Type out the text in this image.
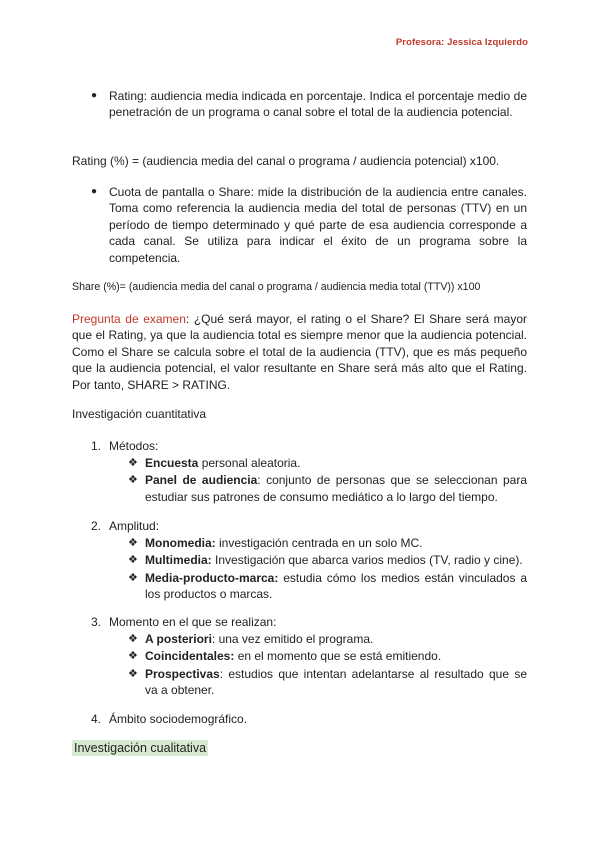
Profesora: Jessica Izquierdo
● Rating: audiencia media indicada en porcentaje. Indica el porcentaje medio de penetración de un programa o canal sobre el total de la audiencia potencial.
Rating (%) = (audiencia media del canal o programa / audiencia potencial) x100.
● Cuota de pantalla o Share: mide la distribución de la audiencia entre canales. Toma como referencia la audiencia media del total de personas (TTV) en un período de tiempo determinado y qué parte de esa audiencia corresponde a cada canal. Se utiliza para indicar el éxito de un programa sobre la competencia.
Share (%)= (audiencia media del canal o programa / audiencia media total (TTV)) x100
Pregunta de examen: ¿Qué será mayor, el rating o el Share? El Share será mayor que el Rating, ya que la audiencia total es siempre menor que la audiencia potencial. Como el Share se calcula sobre el total de la audiencia (TTV), que es más pequeño que la audiencia potencial, el valor resultante en Share será más alto que el Rating. Por tanto, SHARE > RATING.
Investigación cuantitativa
1. Métodos:
❖ Encuesta personal aleatoria.
❖ Panel de audiencia: conjunto de personas que se seleccionan para estudiar sus patrones de consumo mediático a lo largo del tiempo.
2. Amplitud:
❖ Monomedia: investigación centrada en un solo MC.
❖ Multimedia: Investigación que abarca varios medios (TV, radio y cine).
❖ Media-producto-marca: estudia cómo los medios están vinculados a los productos o marcas.
3. Momento en el que se realizan:
❖ A posteriori: una vez emitido el programa.
❖ Coincidentales: en el momento que se está emitiendo.
❖ Prospectivas: estudios que intentan adelantarse al resultado que se va a obtener.
4. Ámbito sociodemográfico.
Investigación cualitativa
